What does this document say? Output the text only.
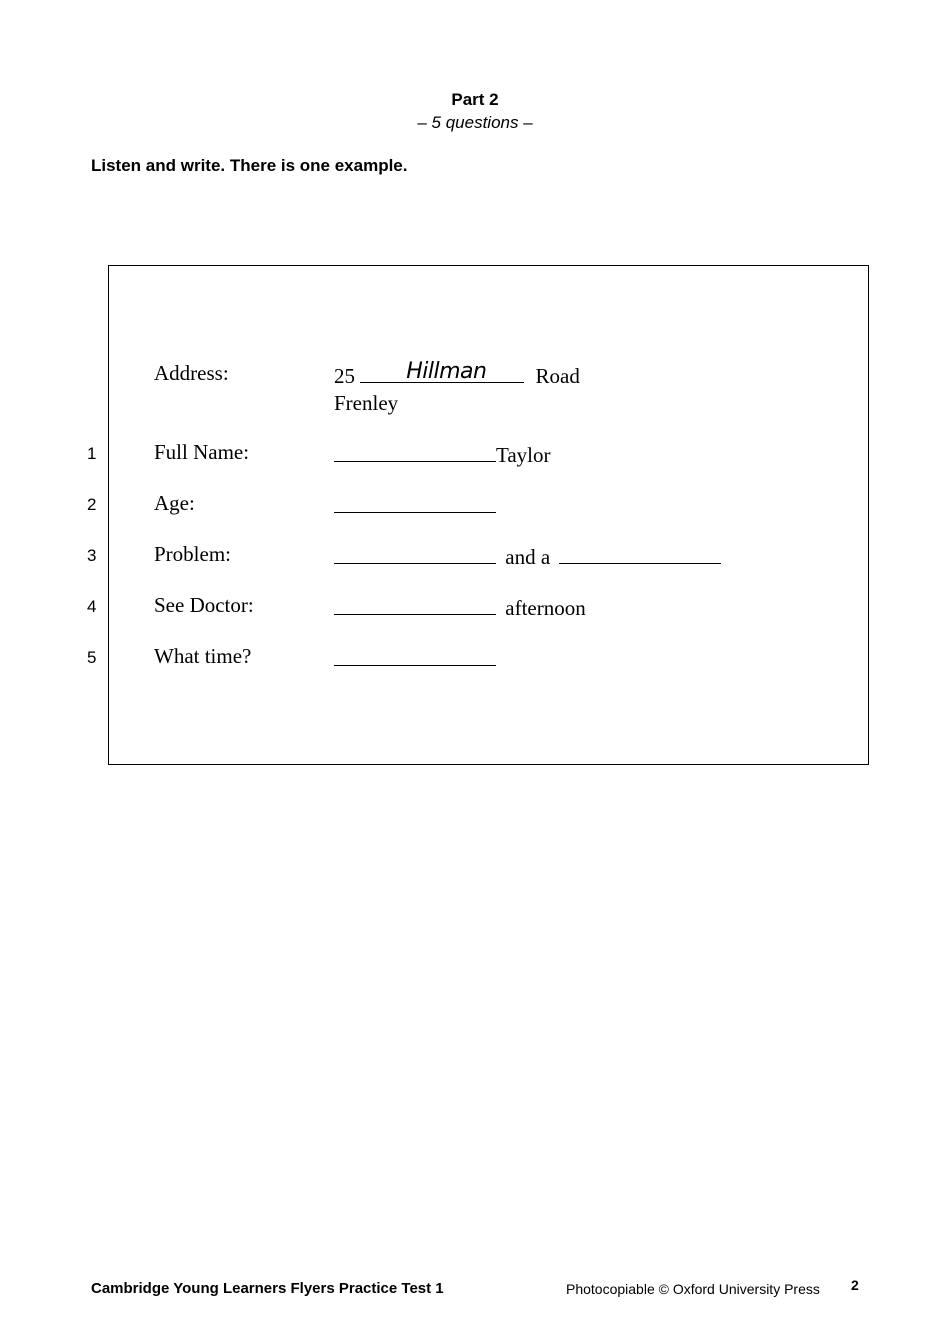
Part 2
– 5 questions –
Listen and write. There is one example.
Address:	25 Hillman Road
Frenley
1	Full Name:	Taylor
2	Age:
3	Problem:	and a
4	See Doctor:	afternoon
5	What time?
Cambridge Young Learners Flyers Practice Test 1	Photocopiable © Oxford University Press 2
